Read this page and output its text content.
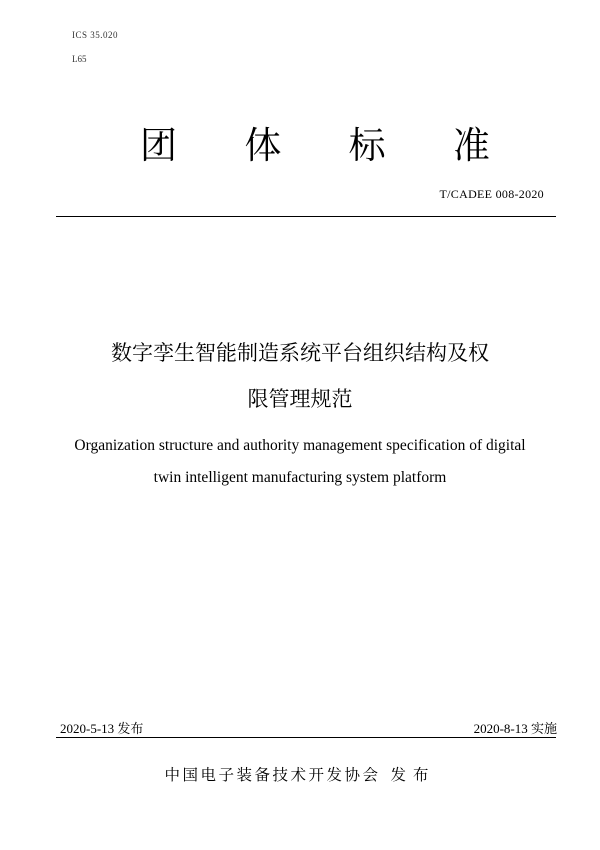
ICS 35.020
L65
团 体 标 准
T/CADEE 008-2020
数字孪生智能制造系统平台组织结构及权
限管理规范
Organization structure and authority management specification of digital
twin intelligent manufacturing system platform
2020-5-13 发布	2020-8-13 实施
中国电子装备技术开发协会 发布
